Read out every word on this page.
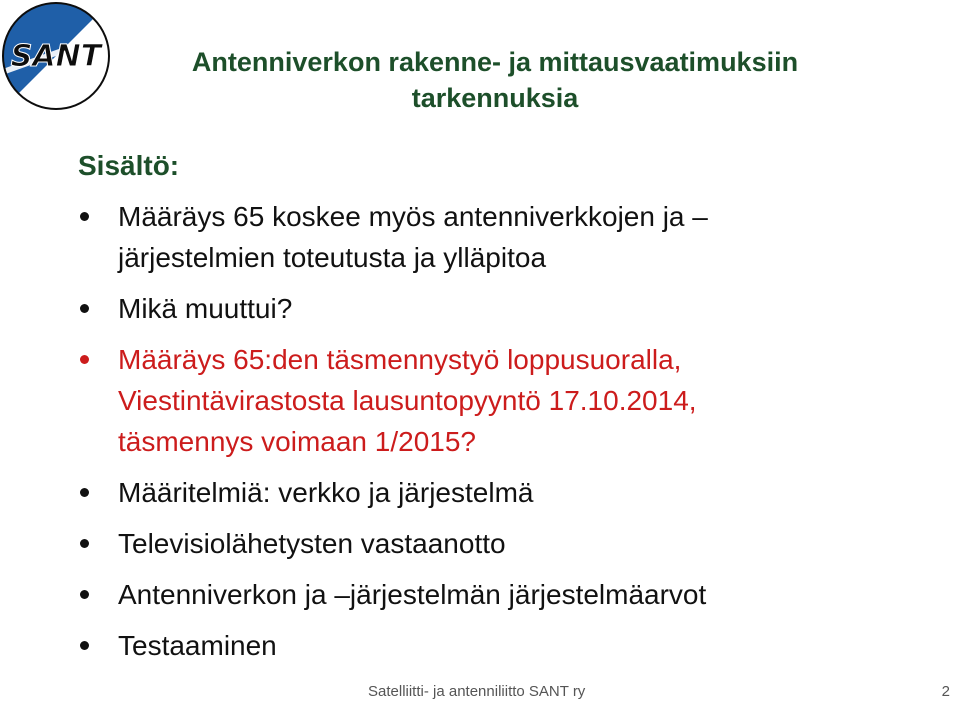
SANT	Antenniverkon rakenne- ja mittausvaatimuksiin
tarkennuksia
Sisältö:
Määräys 65 koskee myös antenniverkkojen ja –
järjestelmien toteutusta ja ylläpitoa
Mikä muuttui?
Määräys 65:den täsmennystyö loppusuoralla,
Viestintävirastosta lausuntopyyntö 17.10.2014,
täsmennys voimaan 1/2015?
Määritelmiä: verkko ja järjestelmä
Televisiolähetysten vastaanotto
Antenniverkon ja –järjestelmän järjestelmäarvot
Testaaminen
Satelliitti- ja antenniliitto SANT ry	2
